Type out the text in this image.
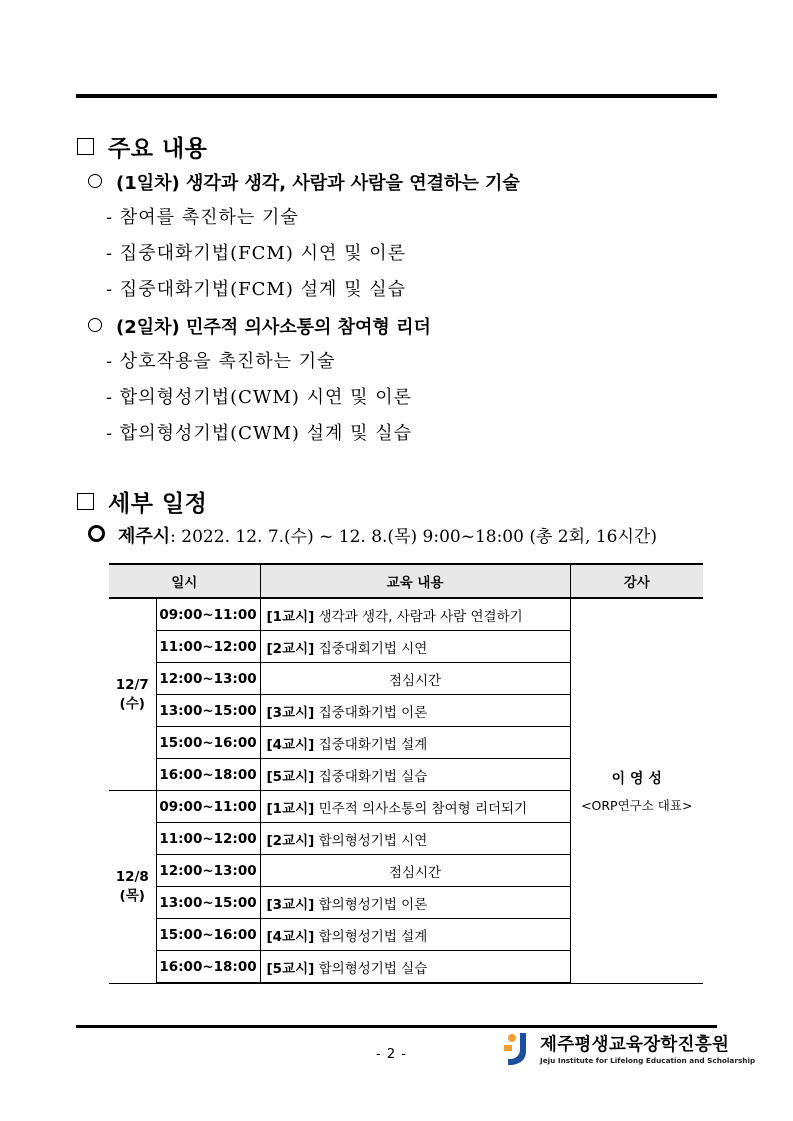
주요 내용
(1일차) 생각과 생각, 사람과 사람을 연결하는 기술
- 참여를 촉진하는 기술
- 집중대화기법(FCM) 시연 및 이론
- 집중대화기법(FCM) 설계 및 실습
(2일차) 민주적 의사소통의 참여형 리더
- 상호작용을 촉진하는 기술
- 합의형성기법(CWM) 시연 및 이론
- 합의형성기법(CWM) 설계 및 실습
세부 일정
제주시: 2022. 12. 7.(수) ~ 12. 8.(목) 9:00~18:00 (총 2회, 16시간)
일시		교육 내용	강사
12/7
(수)	09:00~11:00	[1교시] 생각과 생각, 사람과 사람 연결하기	이 영 성
<ORP연구소 대표>

	11:00~12:00	[2교시] 집중대회기법 시연	
	12:00~13:00	점심시간	
	13:00~15:00	[3교시] 집중대화기법 이론	
	15:00~16:00	[4교시] 집중대화기법 설계	
	16:00~18:00	[5교시] 집중대화기법 실습	
12/8
(목)	09:00~11:00	[1교시] 민주적 의사소통의 참여형 리더되기	
	11:00~12:00	[2교시] 합의형성기법 시연	
	12:00~13:00	점심시간	
	13:00~15:00	[3교시] 합의형성기법 이론	
	15:00~16:00	[4교시] 합의형성기법 설계	
	16:00~18:00	[5교시] 합의형성기법 실습	
- 2 -	제주평생교육장학진흥원
Jeju Institute for Lifelong Education and Scholarship
